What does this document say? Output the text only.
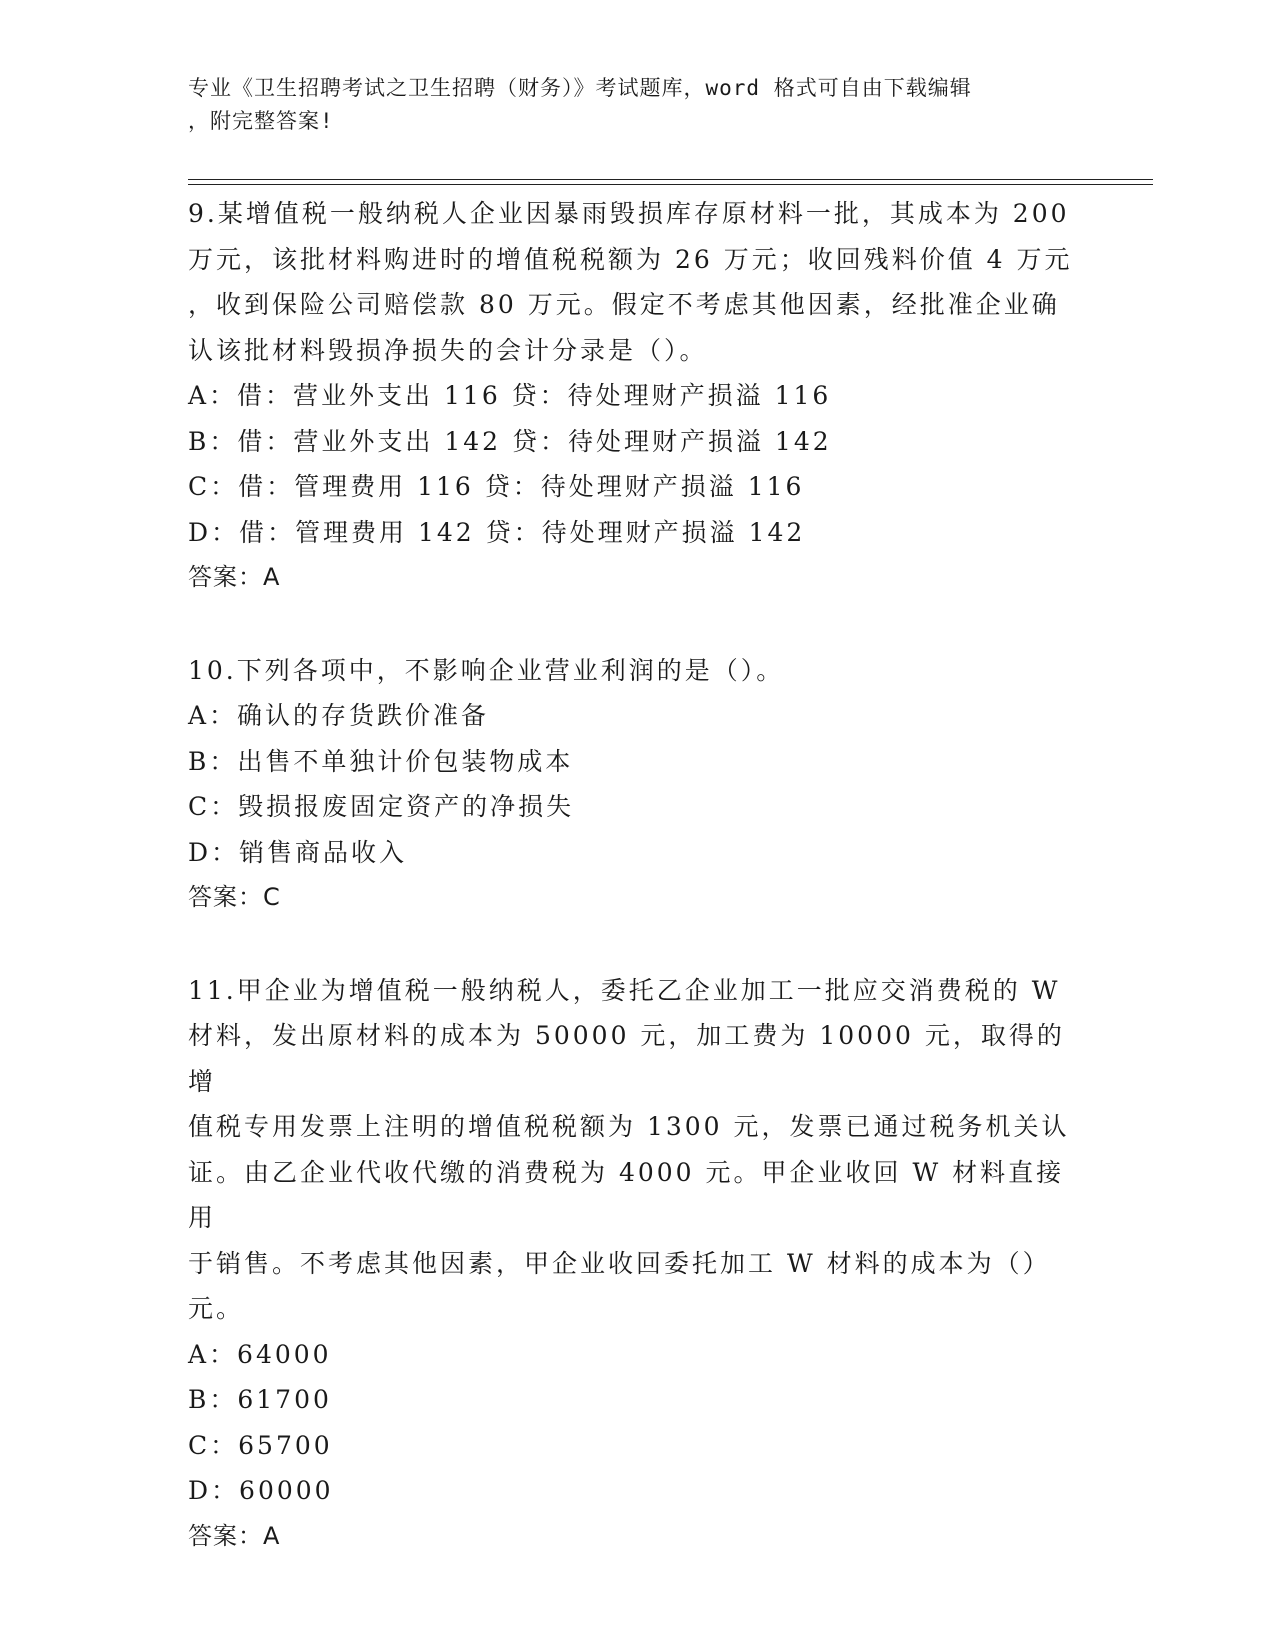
专业《卫生招聘考试之卫生招聘（财务）》考试题库，word 格式可自由下载编辑
，附完整答案!
9.某增值税一般纳税人企业因暴雨毁损库存原材料一批，其成本为 200
万元，该批材料购进时的增值税税额为 26 万元；收回残料价值 4 万元
，收到保险公司赔偿款 80 万元。假定不考虑其他因素，经批准企业确
认该批材料毁损净损失的会计分录是（）。
A：借：营业外支出 116 贷：待处理财产损溢 116
B：借：营业外支出 142 贷：待处理财产损溢 142
C：借：管理费用 116 贷：待处理财产损溢 116
D：借：管理费用 142 贷：待处理财产损溢 142
答案：A
10.下列各项中，不影响企业营业利润的是（）。
A：确认的存货跌价准备
B：出售不单独计价包装物成本
C：毁损报废固定资产的净损失
D：销售商品收入
答案：C
11.甲企业为增值税一般纳税人，委托乙企业加工一批应交消费税的 W
材料，发出原材料的成本为 50000 元，加工费为 10000 元，取得的增
值税专用发票上注明的增值税税额为 1300 元，发票已通过税务机关认
证。由乙企业代收代缴的消费税为 4000 元。甲企业收回 W 材料直接用
于销售。不考虑其他因素，甲企业收回委托加工 W 材料的成本为（）
元。
A：64000
B：61700
C：65700
D：60000
答案：A
